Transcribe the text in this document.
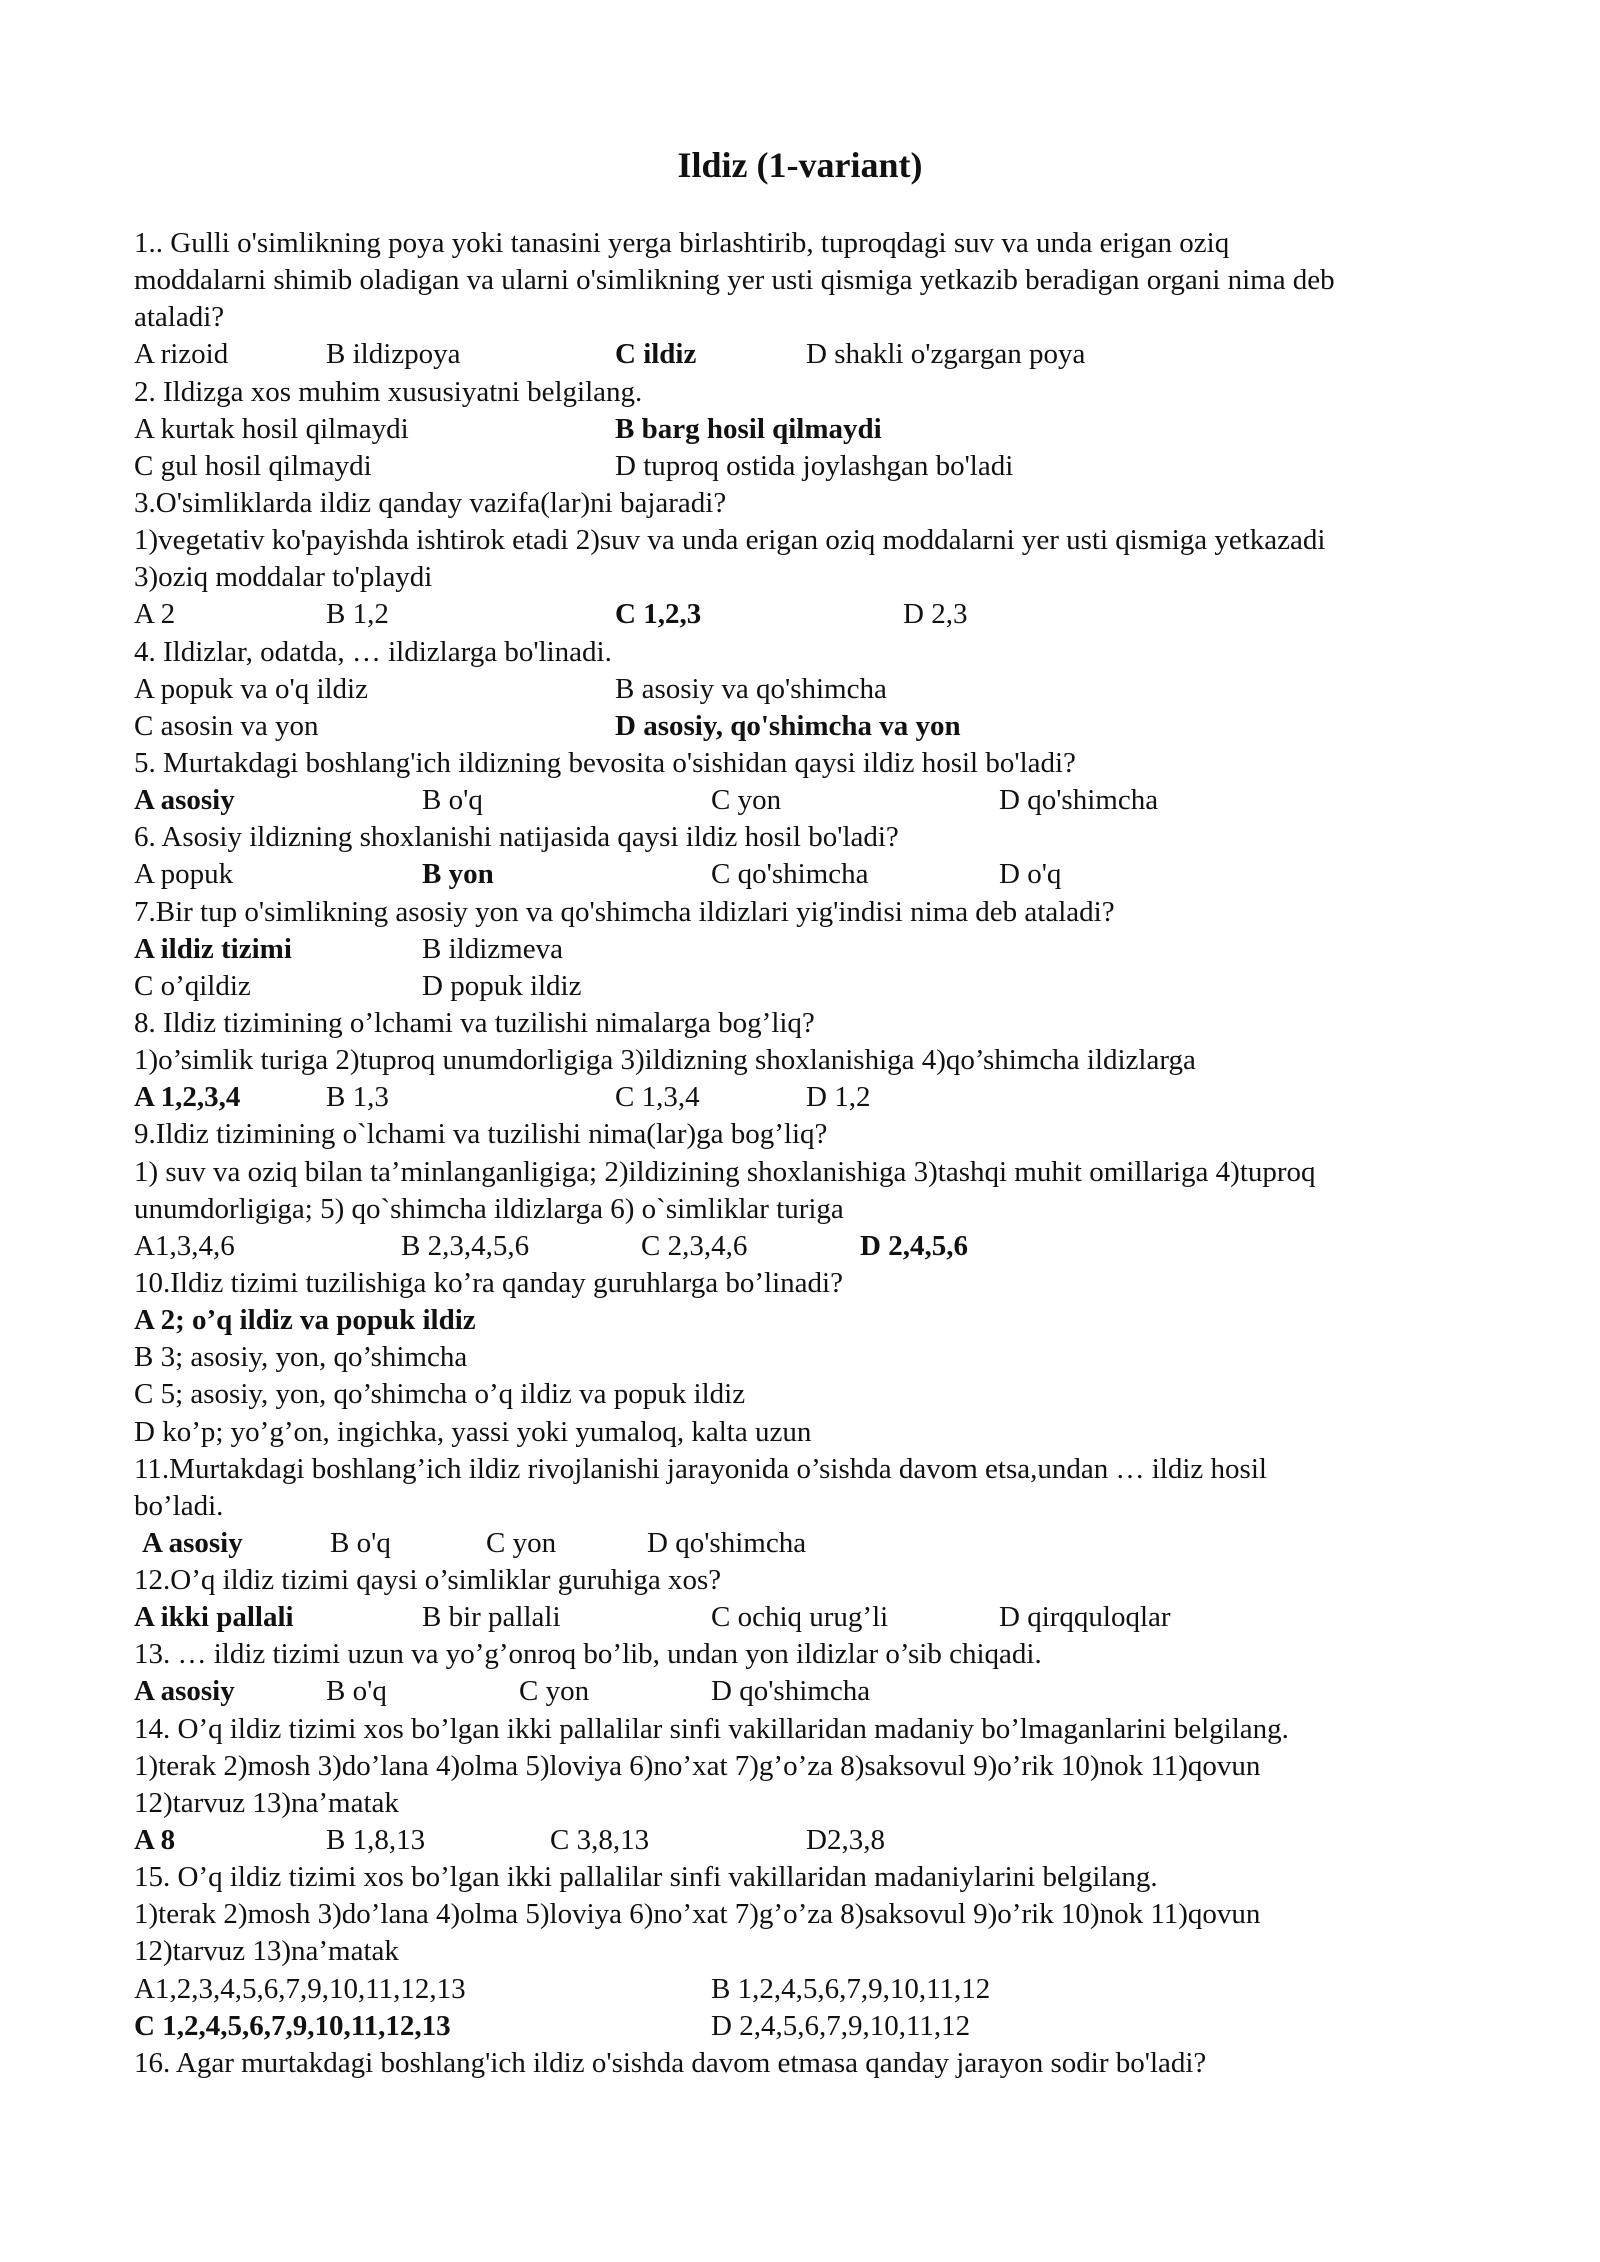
Ildiz (1-variant)
1.. Gulli o'simlikning poya yoki tanasini yerga birlashtirib, tuproqdagi suv va unda erigan oziq
moddalarni shimib oladigan va ularni o'simlikning yer usti qismiga yetkazib beradigan organi nima deb
ataladi?
A rizoid	B ildizpoya	C ildiz	D shakli o'zgargan poya
2. Ildizga xos muhim xususiyatni belgilang.
A kurtak hosil qilmaydi	B barg hosil qilmaydi
C gul hosil qilmaydi	D tuproq ostida joylashgan bo'ladi
3.O'simliklarda ildiz qanday vazifa(lar)ni bajaradi?
1)vegetativ ko'payishda ishtirok etadi 2)suv va unda erigan oziq moddalarni yer usti qismiga yetkazadi
3)oziq moddalar to'playdi
A 2	B 1,2	C 1,2,3	D 2,3
4. Ildizlar, odatda, … ildizlarga bo'linadi.
A popuk va o'q ildiz	B asosiy va qo'shimcha
C asosin va yon	D asosiy, qo'shimcha va yon
5. Murtakdagi boshlang'ich ildizning bevosita o'sishidan qaysi ildiz hosil bo'ladi?
A asosiy	B o'q	C yon	D qo'shimcha
6. Asosiy ildizning shoxlanishi natijasida qaysi ildiz hosil bo'ladi?
A popuk	B yon	C qo'shimcha	D o'q
7.Bir tup o'simlikning asosiy yon va qo'shimcha ildizlari yig'indisi nima deb ataladi?
A ildiz tizimi	B ildizmeva
C o’qildiz	D popuk ildiz
8. Ildiz tizimining o’lchami va tuzilishi nimalarga bog’liq?
1)o’simlik turiga 2)tuproq unumdorligiga 3)ildizning shoxlanishiga 4)qo’shimcha ildizlarga
A 1,2,3,4	B 1,3	C 1,3,4	D 1,2
9.Ildiz tizimining o`lchami va tuzilishi nima(lar)ga bog’liq?
1) suv va oziq bilan ta’minlanganligiga; 2)ildizining shoxlanishiga 3)tashqi muhit omillariga 4)tuproq
unumdorligiga; 5) qo`shimcha ildizlarga 6) o`simliklar turiga
A1,3,4,6	B 2,3,4,5,6	C 2,3,4,6	D 2,4,5,6
10.Ildiz tizimi tuzilishiga ko’ra qanday guruhlarga bo’linadi?
A 2; o’q ildiz va popuk ildiz
B 3; asosiy, yon, qo’shimcha
C 5; asosiy, yon, qo’shimcha o’q ildiz va popuk ildiz
D ko’p; yo’g’on, ingichka, yassi yoki yumaloq, kalta uzun
11.Murtakdagi boshlang’ich ildiz rivojlanishi jarayonida o’sishda davom etsa,undan … ildiz hosil
bo’ladi.
A asosiy	B o'q	C yon	D qo'shimcha
12.O’q ildiz tizimi qaysi o’simliklar guruhiga xos?
A ikki pallali	B bir pallali	C ochiq urug’li	D qirqquloqlar
13. … ildiz tizimi uzun va yo’g’onroq bo’lib, undan yon ildizlar o’sib chiqadi.
A asosiy	B o'q	C yon	D qo'shimcha
14. O’q ildiz tizimi xos bo’lgan ikki pallalilar sinfi vakillaridan madaniy bo’lmaganlarini belgilang.
1)terak 2)mosh 3)do’lana 4)olma 5)loviya 6)no’xat 7)g’o’za 8)saksovul 9)o’rik 10)nok 11)qovun
12)tarvuz 13)na’matak
A 8	B 1,8,13	C 3,8,13	D2,3,8
15. O’q ildiz tizimi xos bo’lgan ikki pallalilar sinfi vakillaridan madaniylarini belgilang.
1)terak 2)mosh 3)do’lana 4)olma 5)loviya 6)no’xat 7)g’o’za 8)saksovul 9)o’rik 10)nok 11)qovun
12)tarvuz 13)na’matak
A1,2,3,4,5,6,7,9,10,11,12,13	B 1,2,4,5,6,7,9,10,11,12
C 1,2,4,5,6,7,9,10,11,12,13	D 2,4,5,6,7,9,10,11,12
16. Agar murtakdagi boshlang'ich ildiz o'sishda davom etmasa qanday jarayon sodir bo'ladi?
